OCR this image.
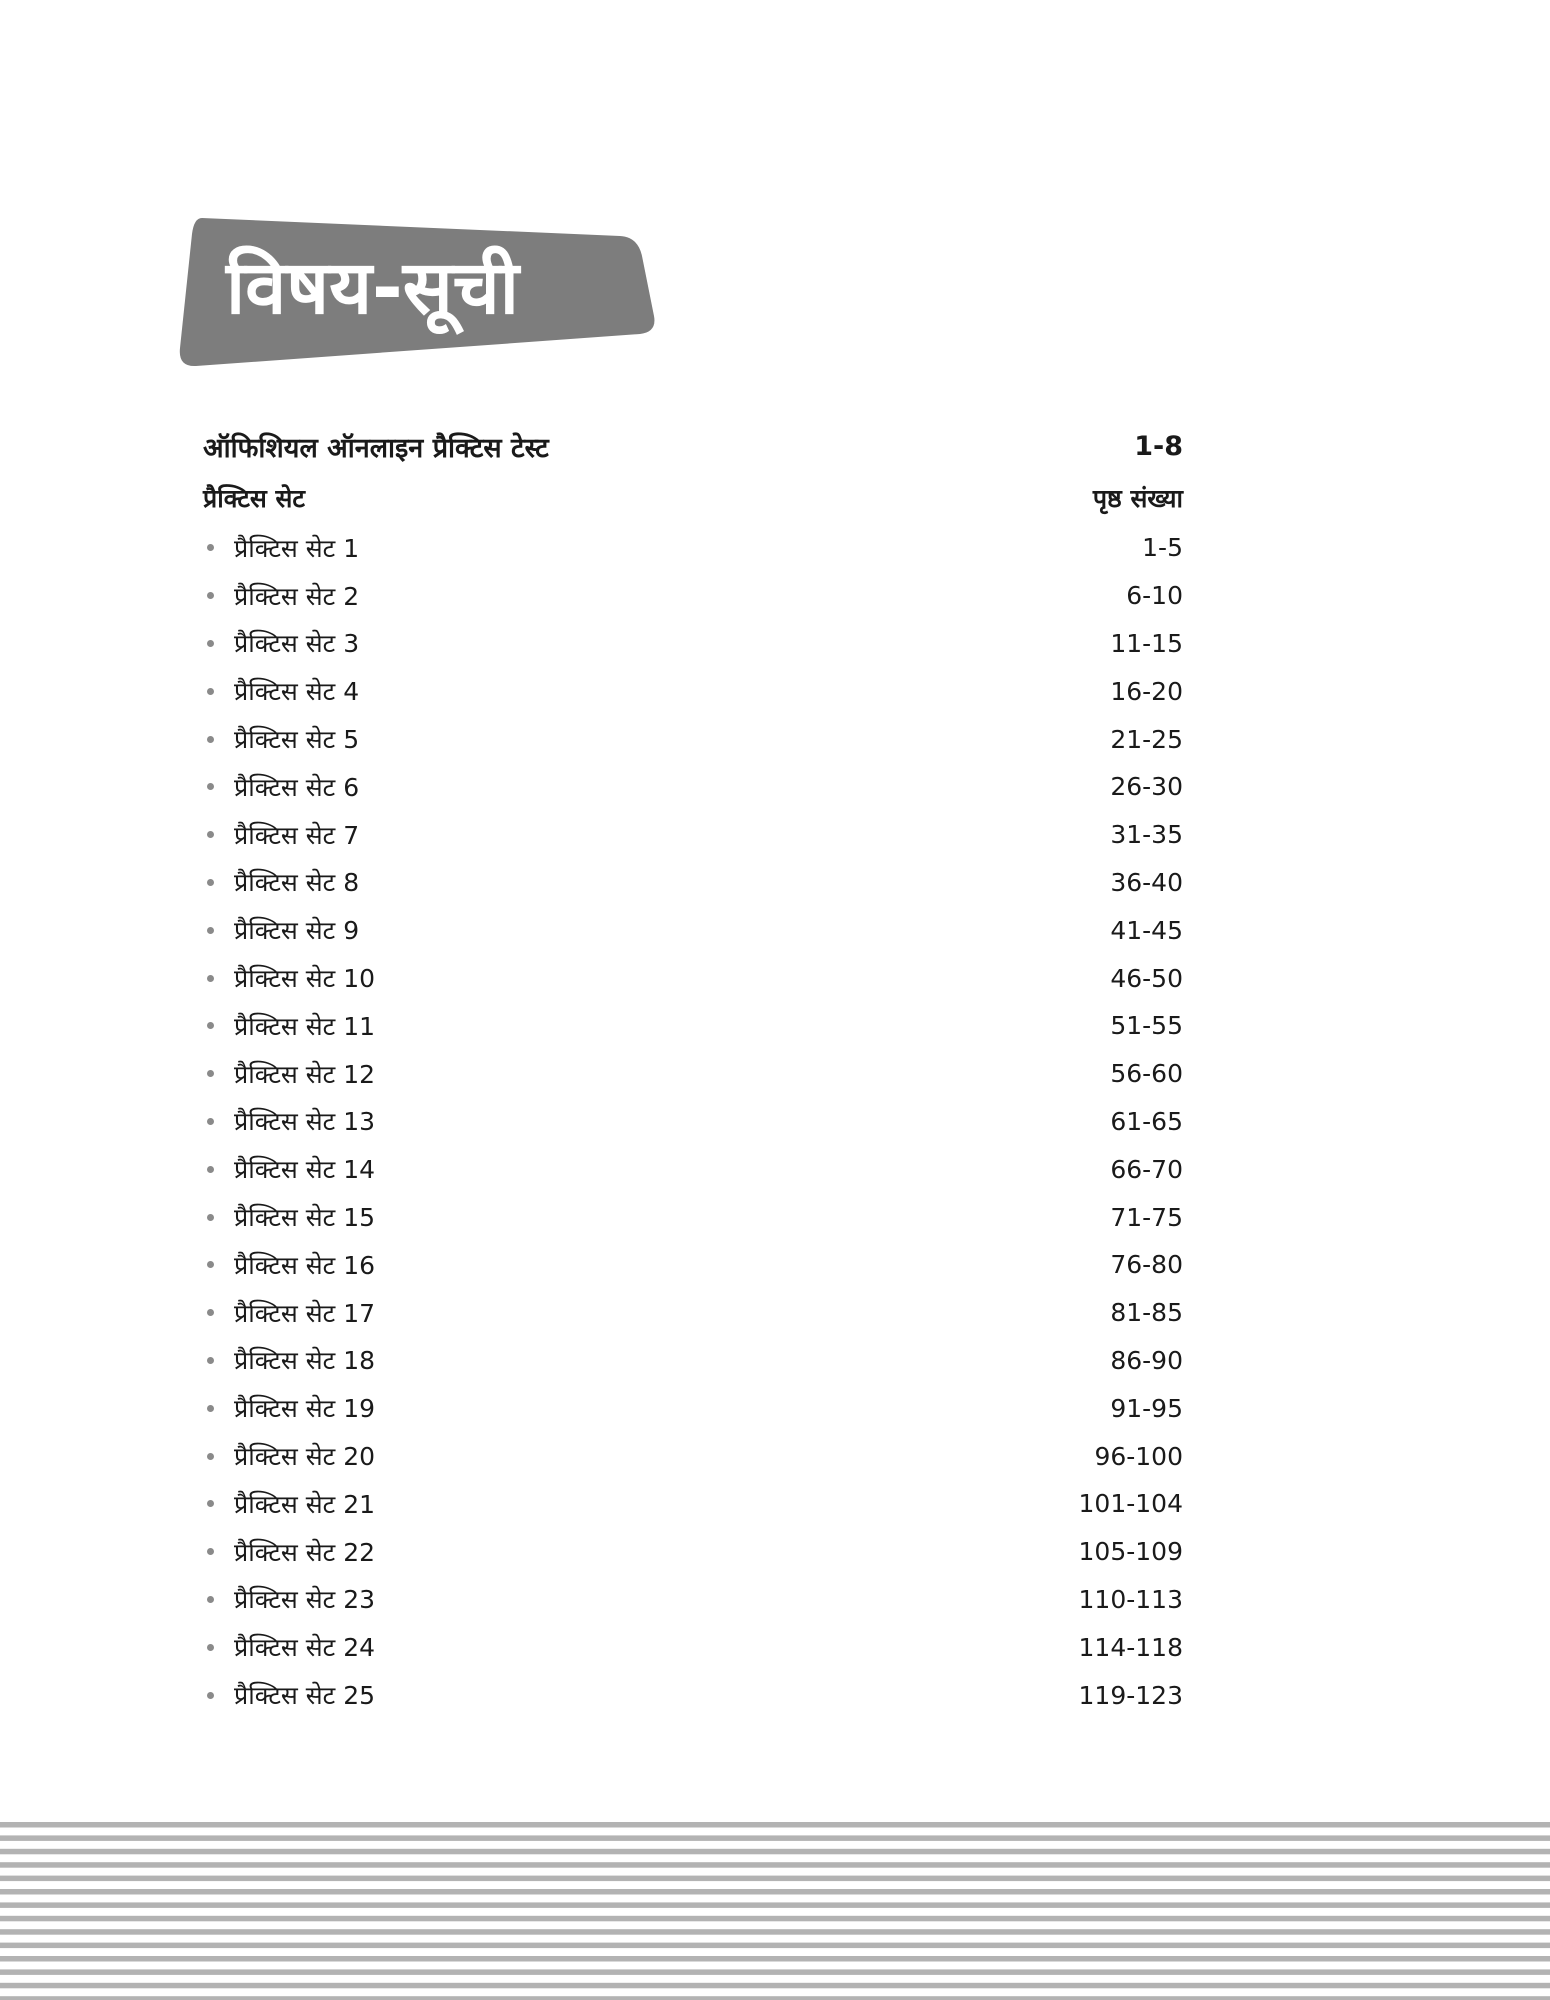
विषय-सूची
ऑफिशियल ऑनलाइन प्रैक्टिस टेस्ट	1-8
प्रैक्टिस सेट	पृष्ठ संख्या
प्रैक्टिस सेट 1	1-5
प्रैक्टिस सेट 2	6-10
प्रैक्टिस सेट 3	11-15
प्रैक्टिस सेट 4	16-20
प्रैक्टिस सेट 5	21-25
प्रैक्टिस सेट 6	26-30
प्रैक्टिस सेट 7	31-35
प्रैक्टिस सेट 8	36-40
प्रैक्टिस सेट 9	41-45
प्रैक्टिस सेट 10	46-50
प्रैक्टिस सेट 11	51-55
प्रैक्टिस सेट 12	56-60
प्रैक्टिस सेट 13	61-65
प्रैक्टिस सेट 14	66-70
प्रैक्टिस सेट 15	71-75
प्रैक्टिस सेट 16	76-80
प्रैक्टिस सेट 17	81-85
प्रैक्टिस सेट 18	86-90
प्रैक्टिस सेट 19	91-95
प्रैक्टिस सेट 20	96-100
प्रैक्टिस सेट 21	101-104
प्रैक्टिस सेट 22	105-109
प्रैक्टिस सेट 23	110-113
प्रैक्टिस सेट 24	114-118
प्रैक्टिस सेट 25	119-123
